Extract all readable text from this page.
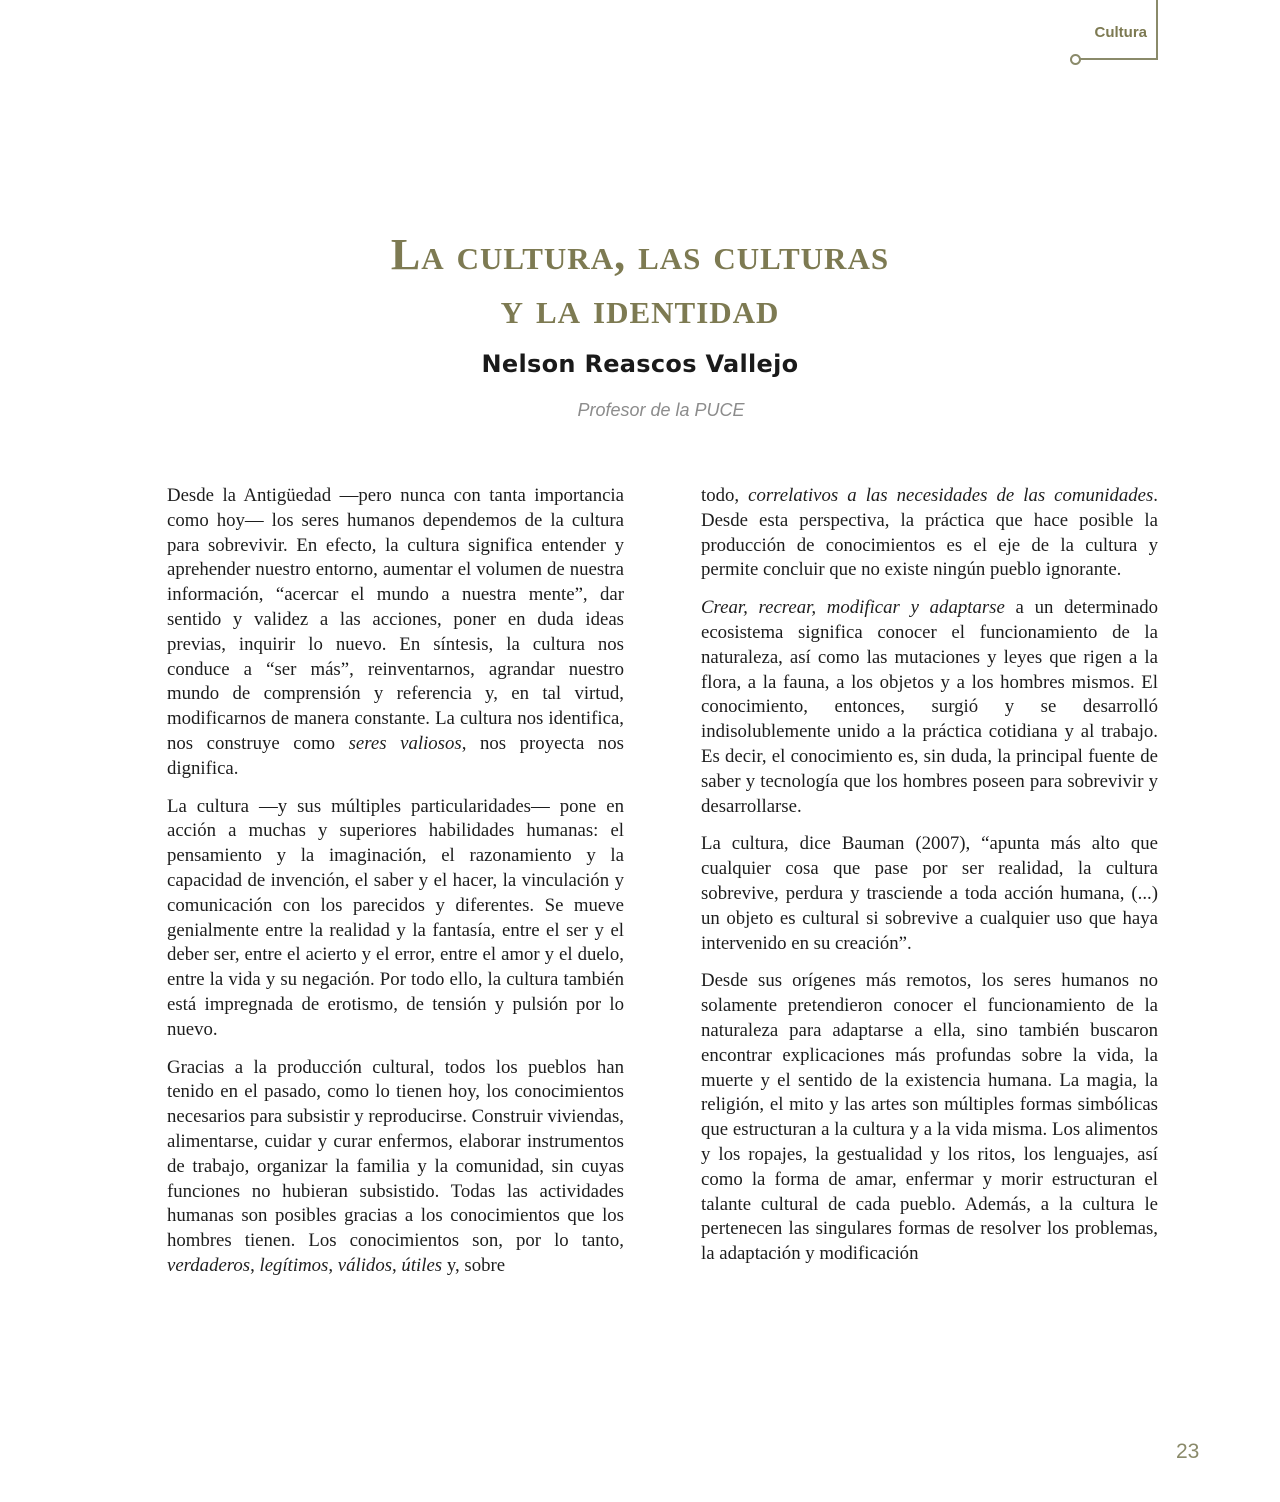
Cultura
La cultura, las culturas
y la identidad
Nelson Reascos Vallejo
Profesor de la PUCE

Desde la Antigüedad —pero nunca con tanta importancia como hoy— los seres humanos dependemos de la cultura para sobrevivir. En efecto, la cultura significa entender y aprehender nuestro entorno, aumentar el volumen de nuestra información, “acercar el mundo a nuestra mente”, dar sentido y validez a las acciones, poner en duda ideas previas, inquirir lo nuevo. En síntesis, la cultura nos conduce a “ser más”, reinventarnos, agrandar nuestro mundo de comprensión y referencia y, en tal virtud, modificarnos de manera constante. La cultura nos identifica, nos construye como seres valiosos, nos proyecta nos dignifica.

La cultura —y sus múltiples particularidades— pone en acción a muchas y superiores habilidades humanas: el pensamiento y la imaginación, el razonamiento y la capacidad de invención, el saber y el hacer, la vinculación y comunicación con los parecidos y diferentes. Se mueve genialmente entre la realidad y la fantasía, entre el ser y el deber ser, entre el acierto y el error, entre el amor y el duelo, entre la vida y su negación. Por todo ello, la cultura también está impregnada de erotismo, de tensión y pulsión por lo nuevo.

Gracias a la producción cultural, todos los pueblos han tenido en el pasado, como lo tienen hoy, los conocimientos necesarios para subsistir y reproducirse. Construir viviendas, alimentarse, cuidar y curar enfermos, elaborar instrumentos de trabajo, organizar la familia y la comunidad, sin cuyas funciones no hubieran subsistido. Todas las actividades humanas son posibles gracias a los conocimientos que los hombres tienen. Los conocimientos son, por lo tanto, verdaderos, legítimos, válidos, útiles y, sobre

todo, correlativos a las necesidades de las comunidades. Desde esta perspectiva, la práctica que hace posible la producción de conocimientos es el eje de la cultura y permite concluir que no existe ningún pueblo ignorante.

Crear, recrear, modificar y adaptarse a un determinado ecosistema significa conocer el funcionamiento de la naturaleza, así como las mutaciones y leyes que rigen a la flora, a la fauna, a los objetos y a los hombres mismos. El conocimiento, entonces, surgió y se desarrolló indisolublemente unido a la práctica cotidiana y al trabajo. Es decir, el conocimiento es, sin duda, la principal fuente de saber y tecnología que los hombres poseen para sobrevivir y desarrollarse.

La cultura, dice Bauman (2007), “apunta más alto que cualquier cosa que pase por ser realidad, la cultura sobrevive, perdura y trasciende a toda acción humana, (...) un objeto es cultural si sobrevive a cualquier uso que haya intervenido en su creación”.

Desde sus orígenes más remotos, los seres humanos no solamente pretendieron conocer el funcionamiento de la naturaleza para adaptarse a ella, sino también buscaron encontrar explicaciones más profundas sobre la vida, la muerte y el sentido de la existencia humana. La magia, la religión, el mito y las artes son múltiples formas simbólicas que estructuran a la cultura y a la vida misma. Los alimentos y los ropajes, la gestualidad y los ritos, los lenguajes, así como la forma de amar, enfermar y morir estructuran el talante cultural de cada pueblo. Además, a la cultura le pertenecen las singulares formas de resolver los problemas, la adaptación y modificación

23
